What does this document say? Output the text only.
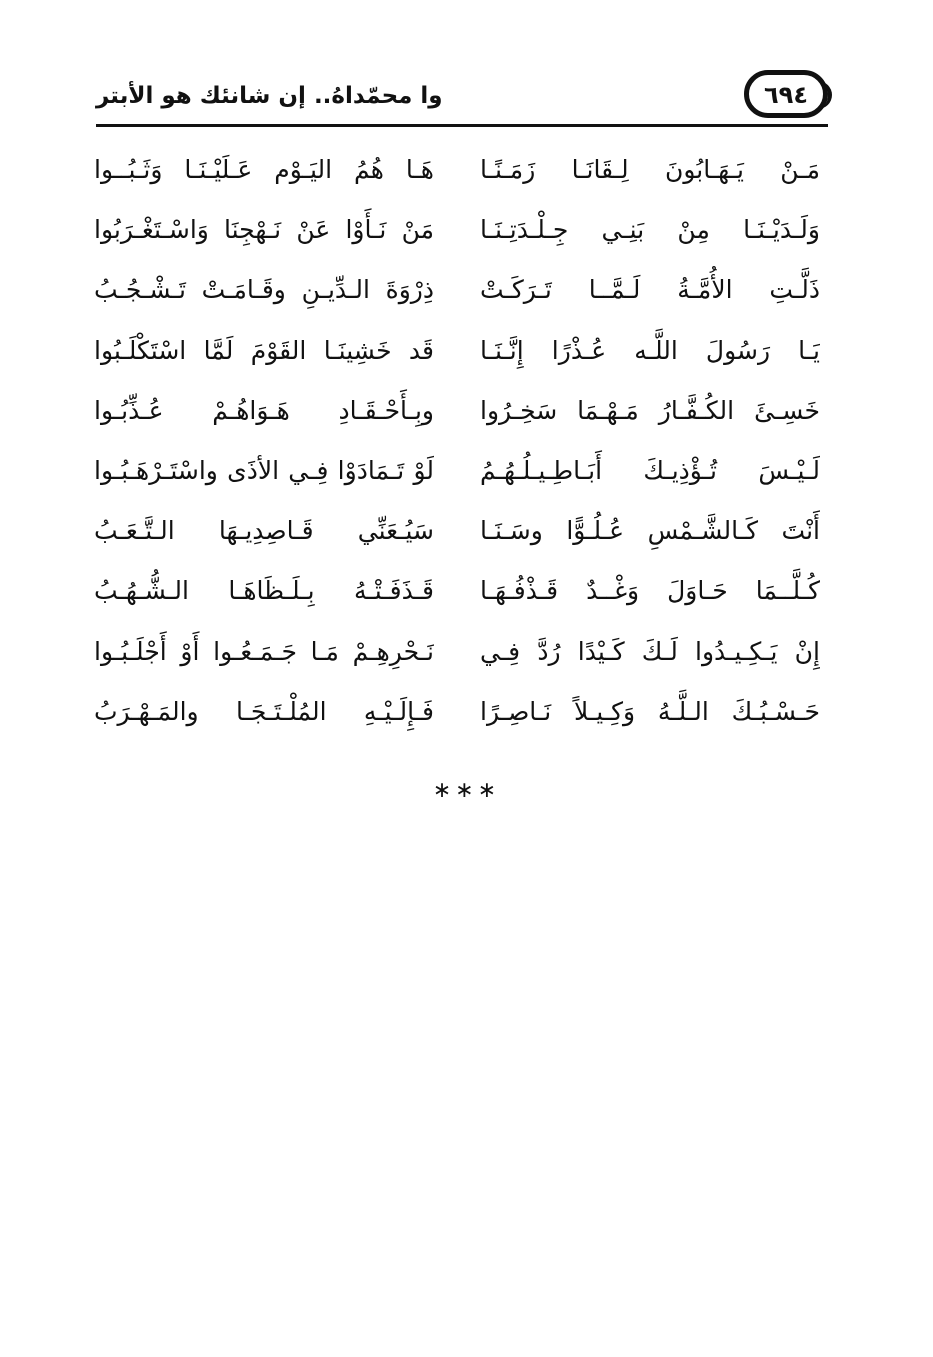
وا محمّداهُ.. إن شانئك هو الأبتر	٦٩٤
مَـنْ يَـهَـابُونَ لِـقَانَـا زَمَـنًـا
هَـا هُمُ اليَـوْم عَـلَيْـنَـا وَثَـبُــوا
وَلَـدَيْـنَـا مِنْ بَنِـي جِـلْـدَتِـنَـا
مَنْ نَـأَوْا عَنْ نَـهْجِنَا وَاسْـتَغْـرَبُوا
ذَلَّـتِ الأُمَّـةُ لَـمَّــا تَـرَكَـتْ
ذِرْوَةَ الـدِّيـنِ وقَـامَـتْ تَـشْـجُـبُ
يَـا رَسُولَ اللَّـه عُـذْرًا إِنَّـنَـا
قَد خَشِينَـا القَوْمَ لَمَّا اسْتَكْلَـبُوا
خَسِـئَ الكُـفَّـارُ مَـهْـمَا سَخِـرُوا
وبِـأَحْـقَـادِ هَـوَاهُـمْ عُـذِّبُـوا
لَـيْـسَ تُـؤْذِيـكَ أَبَـاطِـيـلُـهُـمُ
لَوْ تَـمَادَوْا فِـي الأذَى واسْتَـرْهَـبُـوا
أَنْتَ كَـالشَّـمْسِ عُـلُـوًّا وسَـنَـا
سَيُـعَنِّي قَـاصِدِيـهَا الـتَّـعَـبُ
كُـلَّــمَا حَـاوَلَ وَغْــدٌ قَـذْفُـهَـا
قَـذَفَـتْـهُ بِـلَـظَاهَـا الـشُّـهُـبُ
إِنْ يَـكِـيـدُوا لَـكَ كَـيْدًا رُدَّ فِـي
نَـحْرِهِـمْ مَـا جَـمَـعُـوا أَوْ أَجْلَـبُـوا
حَـسْـبُـكَ الـلَّـهُ وَكِـيـلاً نَـاصِـرًا
فَـإِلَـيْـهِ المُلْـتَـجَـا والمَـهْـرَبُ
∗∗∗
